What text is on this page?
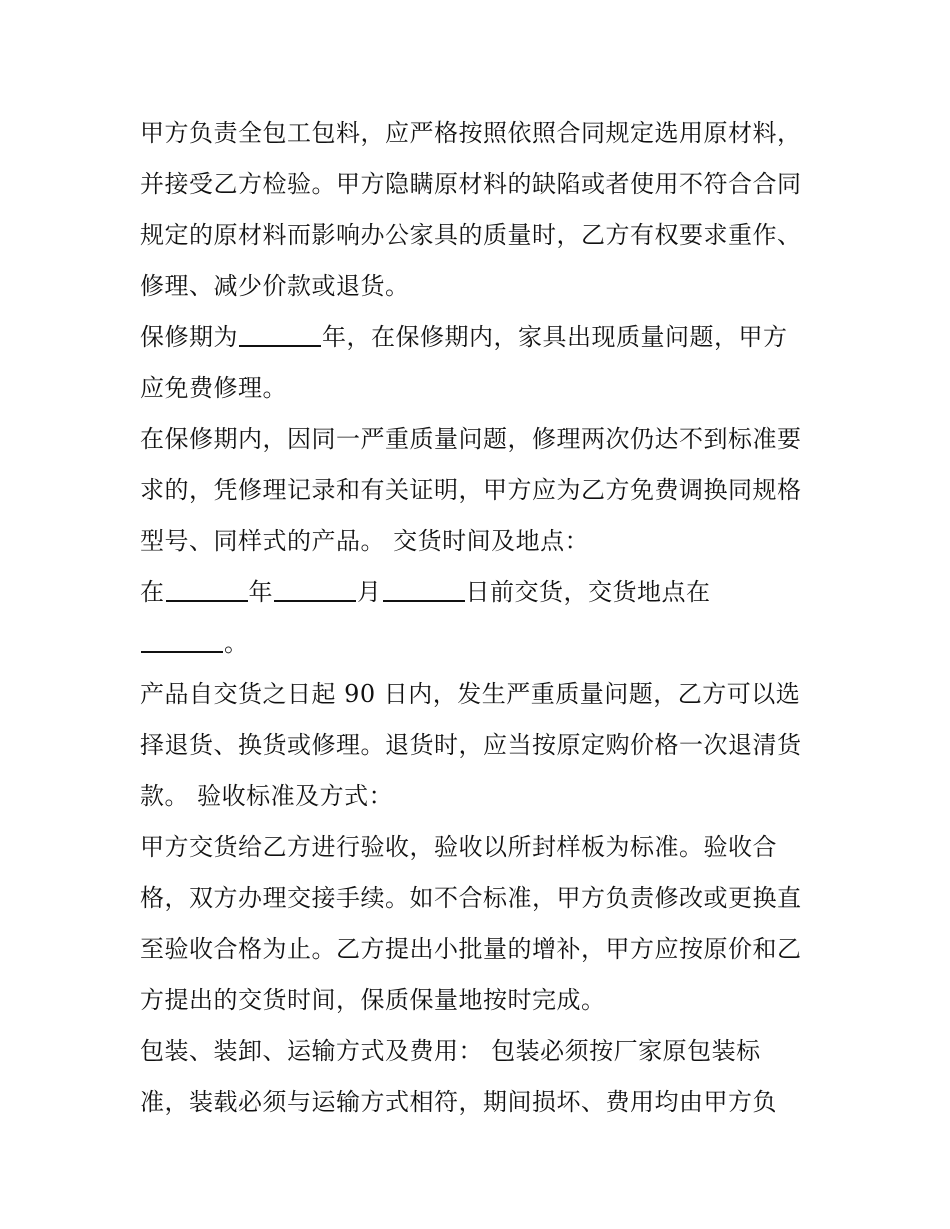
甲方负责全包工包料，应严格按照依照合同规定选用原材料，
并接受乙方检验。甲方隐瞒原材料的缺陷或者使用不符合合同
规定的原材料而影响办公家具的质量时，乙方有权要求重作、
修理、减少价款或退货。
保修期为	年，在保修期内，家具出现质量问题，甲方
应免费修理。
在保修期内，因同一严重质量问题，修理两次仍达不到标准要
求的，凭修理记录和有关证明，甲方应为乙方免费调换同规格
型号、同样式的产品。 交货时间及地点：
在	年	月	日前交货，交货地点在
。
产品自交货之日起 90 日内，发生严重质量问题，乙方可以选
择退货、换货或修理。退货时，应当按原定购价格一次退清货
款。 验收标准及方式：
甲方交货给乙方进行验收，验收以所封样板为标准。验收合
格，双方办理交接手续。如不合标准，甲方负责修改或更换直
至验收合格为止。乙方提出小批量的增补，甲方应按原价和乙
方提出的交货时间，保质保量地按时完成。
包装、装卸、运输方式及费用： 包装必须按厂家原包装标
准，装载必须与运输方式相符，期间损坏、费用均由甲方负
